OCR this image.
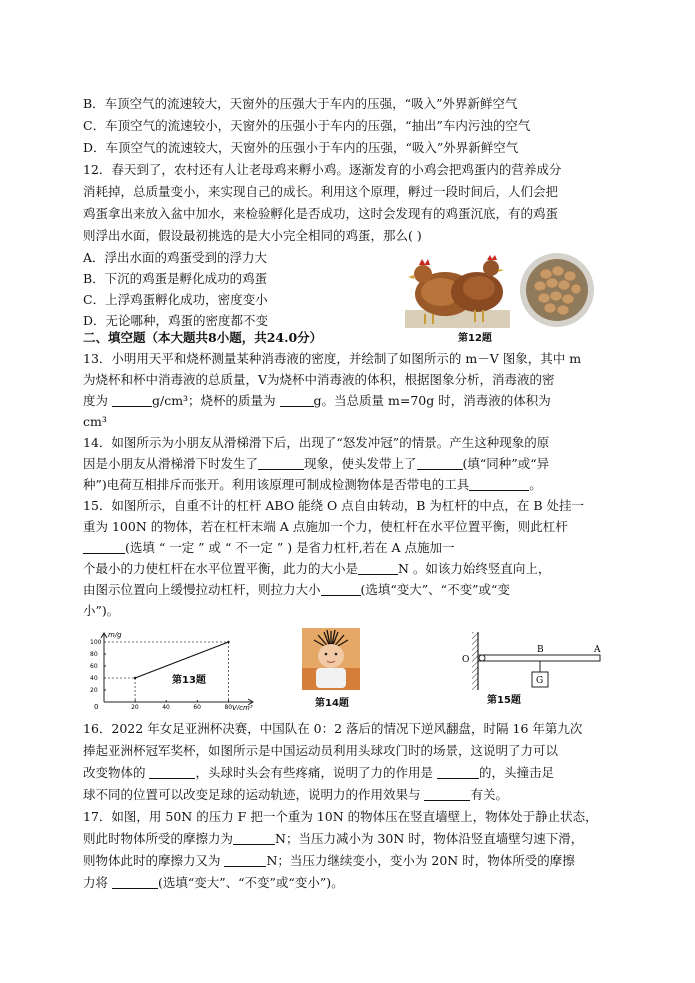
B．车顶空气的流速较大，天窗外的压强大于车内的压强，“吸入”外界新鲜空气
C．车顶空气的流速较小，天窗外的压强小于车内的压强，“抽出”车内污浊的空气
D．车顶空气的流速较大，天窗外的压强小于车内的压强，“吸入”外界新鲜空气
12．春天到了，农村还有人让老母鸡来孵小鸡。逐渐发育的小鸡会把鸡蛋内的营养成分
消耗掉，总质量变小，来实现自己的成长。利用这个原理，孵过一段时间后，人们会把
鸡蛋拿出来放入盆中加水，来检验孵化是否成功，这时会发现有的鸡蛋沉底，有的鸡蛋
则浮出水面，假设最初挑选的是大小完全相同的鸡蛋，那么( )
A．浮出水面的鸡蛋受到的浮力大
B．下沉的鸡蛋是孵化成功的鸡蛋
C．上浮鸡蛋孵化成功，密度变小
D．无论哪种，鸡蛋的密度都不变
第12题
二、填空题（本大题共8小题，共24.0分）
13．小明用天平和烧杯测量某种消毒液的密度，并绘制了如图所示的 m－V 图象，其中 m
为烧杯和杯中消毒液的总质量，V为烧杯中消毒液的体积，根据图象分析，消毒液的密
度为	g/cm³；烧杯的质量为	g。当总质量 m=70g 时，消毒液的体积为
cm³
14．如图所示为小朋友从滑梯滑下后，出现了“怒发冲冠”的情景。产生这种现象的原
因是小朋友从滑梯滑下时发生了	现象，使头发带上了	(填“同种”或“异
种”)电荷互相排斥而张开。利用该原理可制成检测物体是否带电的工具	。
15．如图所示，自重不计的杠杆 ABO 能绕 O 点自由转动，B 为杠杆的中点，在 B 处挂一
重为 100N 的物体，若在杠杆末端 A 点施加一个力，使杠杆在水平位置平衡，则此杠杆
(选填 “ 一定 ” 或 “ 不一定 ” ) 是省力杠杆,若在 A 点施加一
个最小的力使杠杆在水平位置平衡，此力的大小是	N 。如该力始终竖直向上，
由图示位置向上缓慢拉动杠杆，则拉力大小	(选填“变大”、“不变”或“变
小”)。
m/g
V/cm³
0	20	40	60	80
20
40
60
80
100
第13题
第14题
O
B	A
G
第15题
16．2022 年女足亚洲杯决赛，中国队在 0：2 落后的情况下逆风翻盘，时隔 16 年第九次
捧起亚洲杯冠军奖杯，如图所示是中国运动员利用头球攻门时的场景，这说明了力可以
改变物体的	，头球时头会有些疼痛，说明了力的作用是	的，头撞击足
球不同的位置可以改变足球的运动轨迹，说明力的作用效果与	有关。
17．如图，用 50N 的压力 F 把一个重为 10N 的物体压在竖直墙壁上，物体处于静止状态，
则此时物体所受的摩擦力为	N；当压力减小为 30N 时，物体沿竖直墙壁匀速下滑，
则物体此时的摩擦力又为	N；当压力继续变小，变小为 20N 时，物体所受的摩擦
力将	(选填“变大”、“不变”或“变小”)。
